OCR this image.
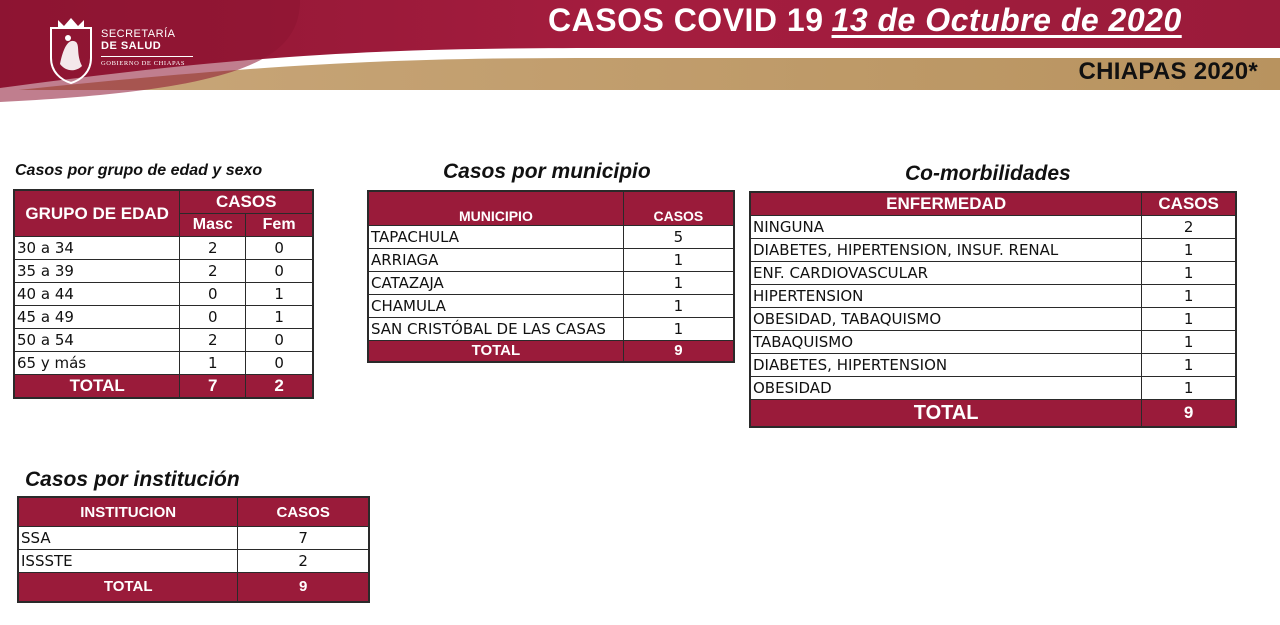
SECRETARÍA
DE SALUD
GOBIERNO DE CHIAPAS
CASOS COVID 19 13 de Octubre de 2020
CHIAPAS 2020*
Casos por grupo de edad y sexo
GRUPO DE EDAD	CASOS	
	Masc	Fem
30 a 34	2	0
35 a 39	2	0
40 a 44	0	1
45 a 49	0	1
50 a 54	2	0
65 y más	1	0
TOTAL	7	2
Casos por municipio
MUNICIPIO	CASOS
TAPACHULA	5
ARRIAGA	1
CATAZAJA	1
CHAMULA	1
SAN CRISTÓBAL DE LAS CASAS	1
TOTAL	9
Co-morbilidades
ENFERMEDAD	CASOS
NINGUNA	2
DIABETES, HIPERTENSION, INSUF. RENAL	1
ENF. CARDIOVASCULAR	1
HIPERTENSION	1
OBESIDAD, TABAQUISMO	1
TABAQUISMO	1
DIABETES, HIPERTENSION	1
OBESIDAD	1
TOTAL	9
Casos por institución
INSTITUCION	CASOS
SSA	7
ISSSTE	2
TOTAL	9
